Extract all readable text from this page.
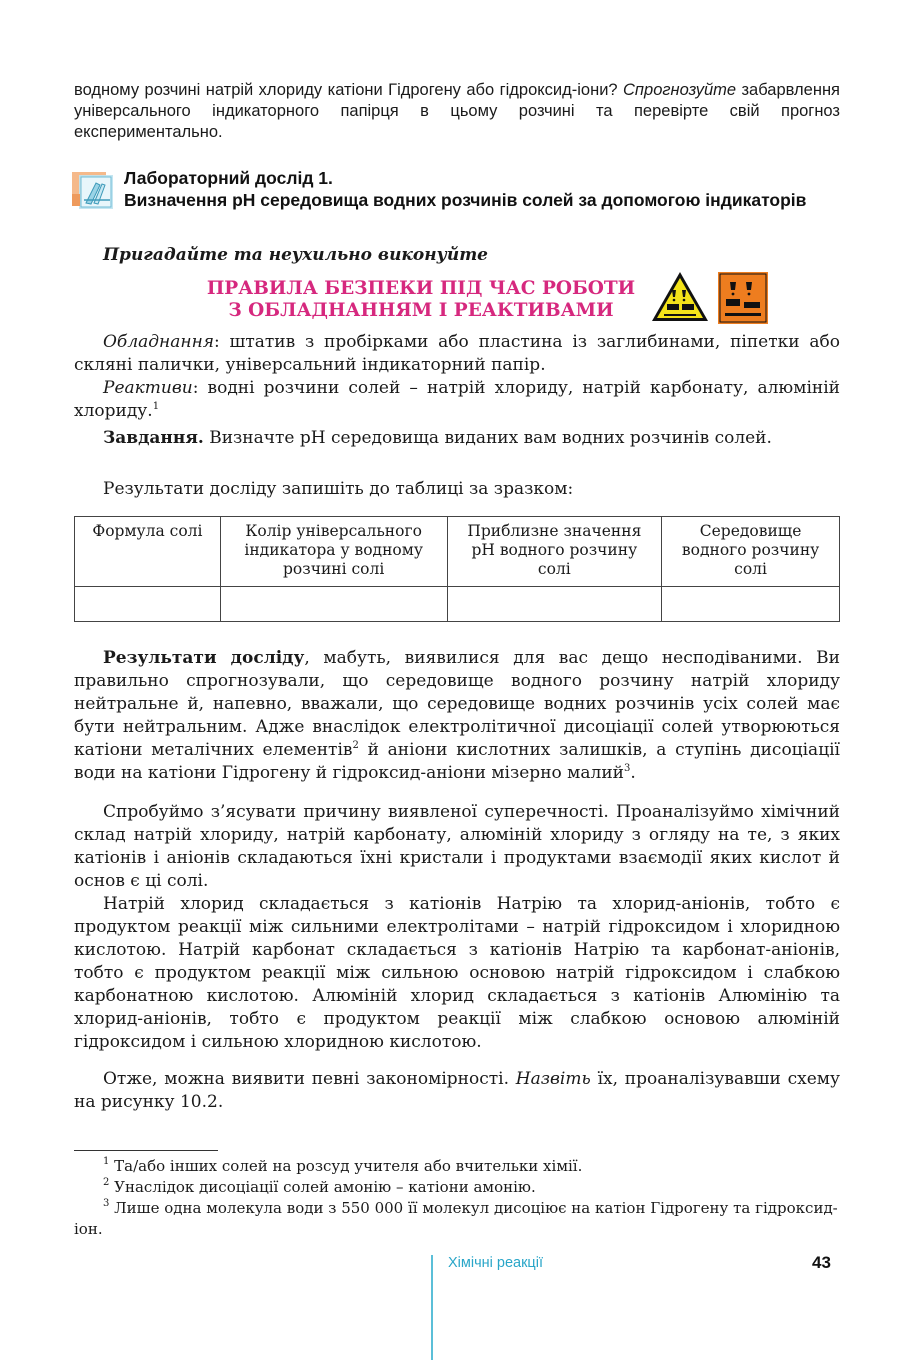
водному розчині натрій хлориду катіони Гідрогену або гідроксид-іони? Спрогнозуйте забарвлення універсального індикаторного папірця в цьому розчині та перевірте свій прогноз експериментально.
Лабораторний дослід 1.
Визначення рН середовища водних розчинів солей за допомогою індикаторів
Пригадайте та неухильно виконуйте
ПРАВИЛА БЕЗПЕКИ ПІД ЧАС РОБОТИ
З ОБЛАДНАННЯМ І РЕАКТИВАМИ

Обладнання: штатив з пробірками або пластина із заглибинами, піпетки або скляні палички, універсальний індикаторний папір.

Реактиви: водні розчини солей – натрій хлориду, натрій карбонату, алюміній хлориду.$^1$

Завдання. Визначте рН середовища виданих вам водних розчинів солей.

Результати досліду запишіть до таблиці за зразком:

Формула солі	Колір універсального індикатора у водному розчині солі	Приблизне значення рН водного розчину солі	Середовище водного розчину солі

Результати досліду, мабуть, виявилися для вас дещо несподіваними. Ви правильно спрогнозували, що середовище водного розчину натрій хлориду нейтральне й, напевно, вважали, що середовище водних розчинів усіх солей має бути нейтральним. Адже внаслідок електролітичної дисоціації солей утворюються катіони металічних елементів$^2$ й аніони кислотних залишків, а ступінь дисоціації води на катіони Гідрогену й гідроксид-аніони мізерно малий$^3$.

Спробуймо з’ясувати причину виявленої суперечності. Проаналізуймо хімічний склад натрій хлориду, натрій карбонату, алюміній хлориду з огляду на те, з яких катіонів і аніонів складаються їхні кристали і продуктами взаємодії яких кислот й основ є ці солі.

Натрій хлорид складається з катіонів Натрію та хлорид-аніонів, тобто є продуктом реакції між сильними електролітами – натрій гідроксидом і хлоридною кислотою. Натрій карбонат складається з катіонів Натрію та карбонат-аніонів, тобто є продуктом реакції між сильною основою натрій гідроксидом і слабкою карбонатною кислотою. Алюміній хлорид складається з катіонів Алюмінію та хлорид-аніонів, тобто є продуктом реакції між слабкою основою алюміній гідроксидом і сильною хлоридною кислотою.

Отже, можна виявити певні закономірності. Назвіть їх, проаналізувавши схему на рисунку 10.2.

$^1$ Та/або інших солей на розсуд учителя або вчительки хімії.

$^2$ Унаслідок дисоціації солей амонію – катіони амонію.

$^3$ Лише одна молекула води з 550 000 її молекул дисоціює на катіон Гідрогену та гідроксид-іон.

Хімічні реакції	43
